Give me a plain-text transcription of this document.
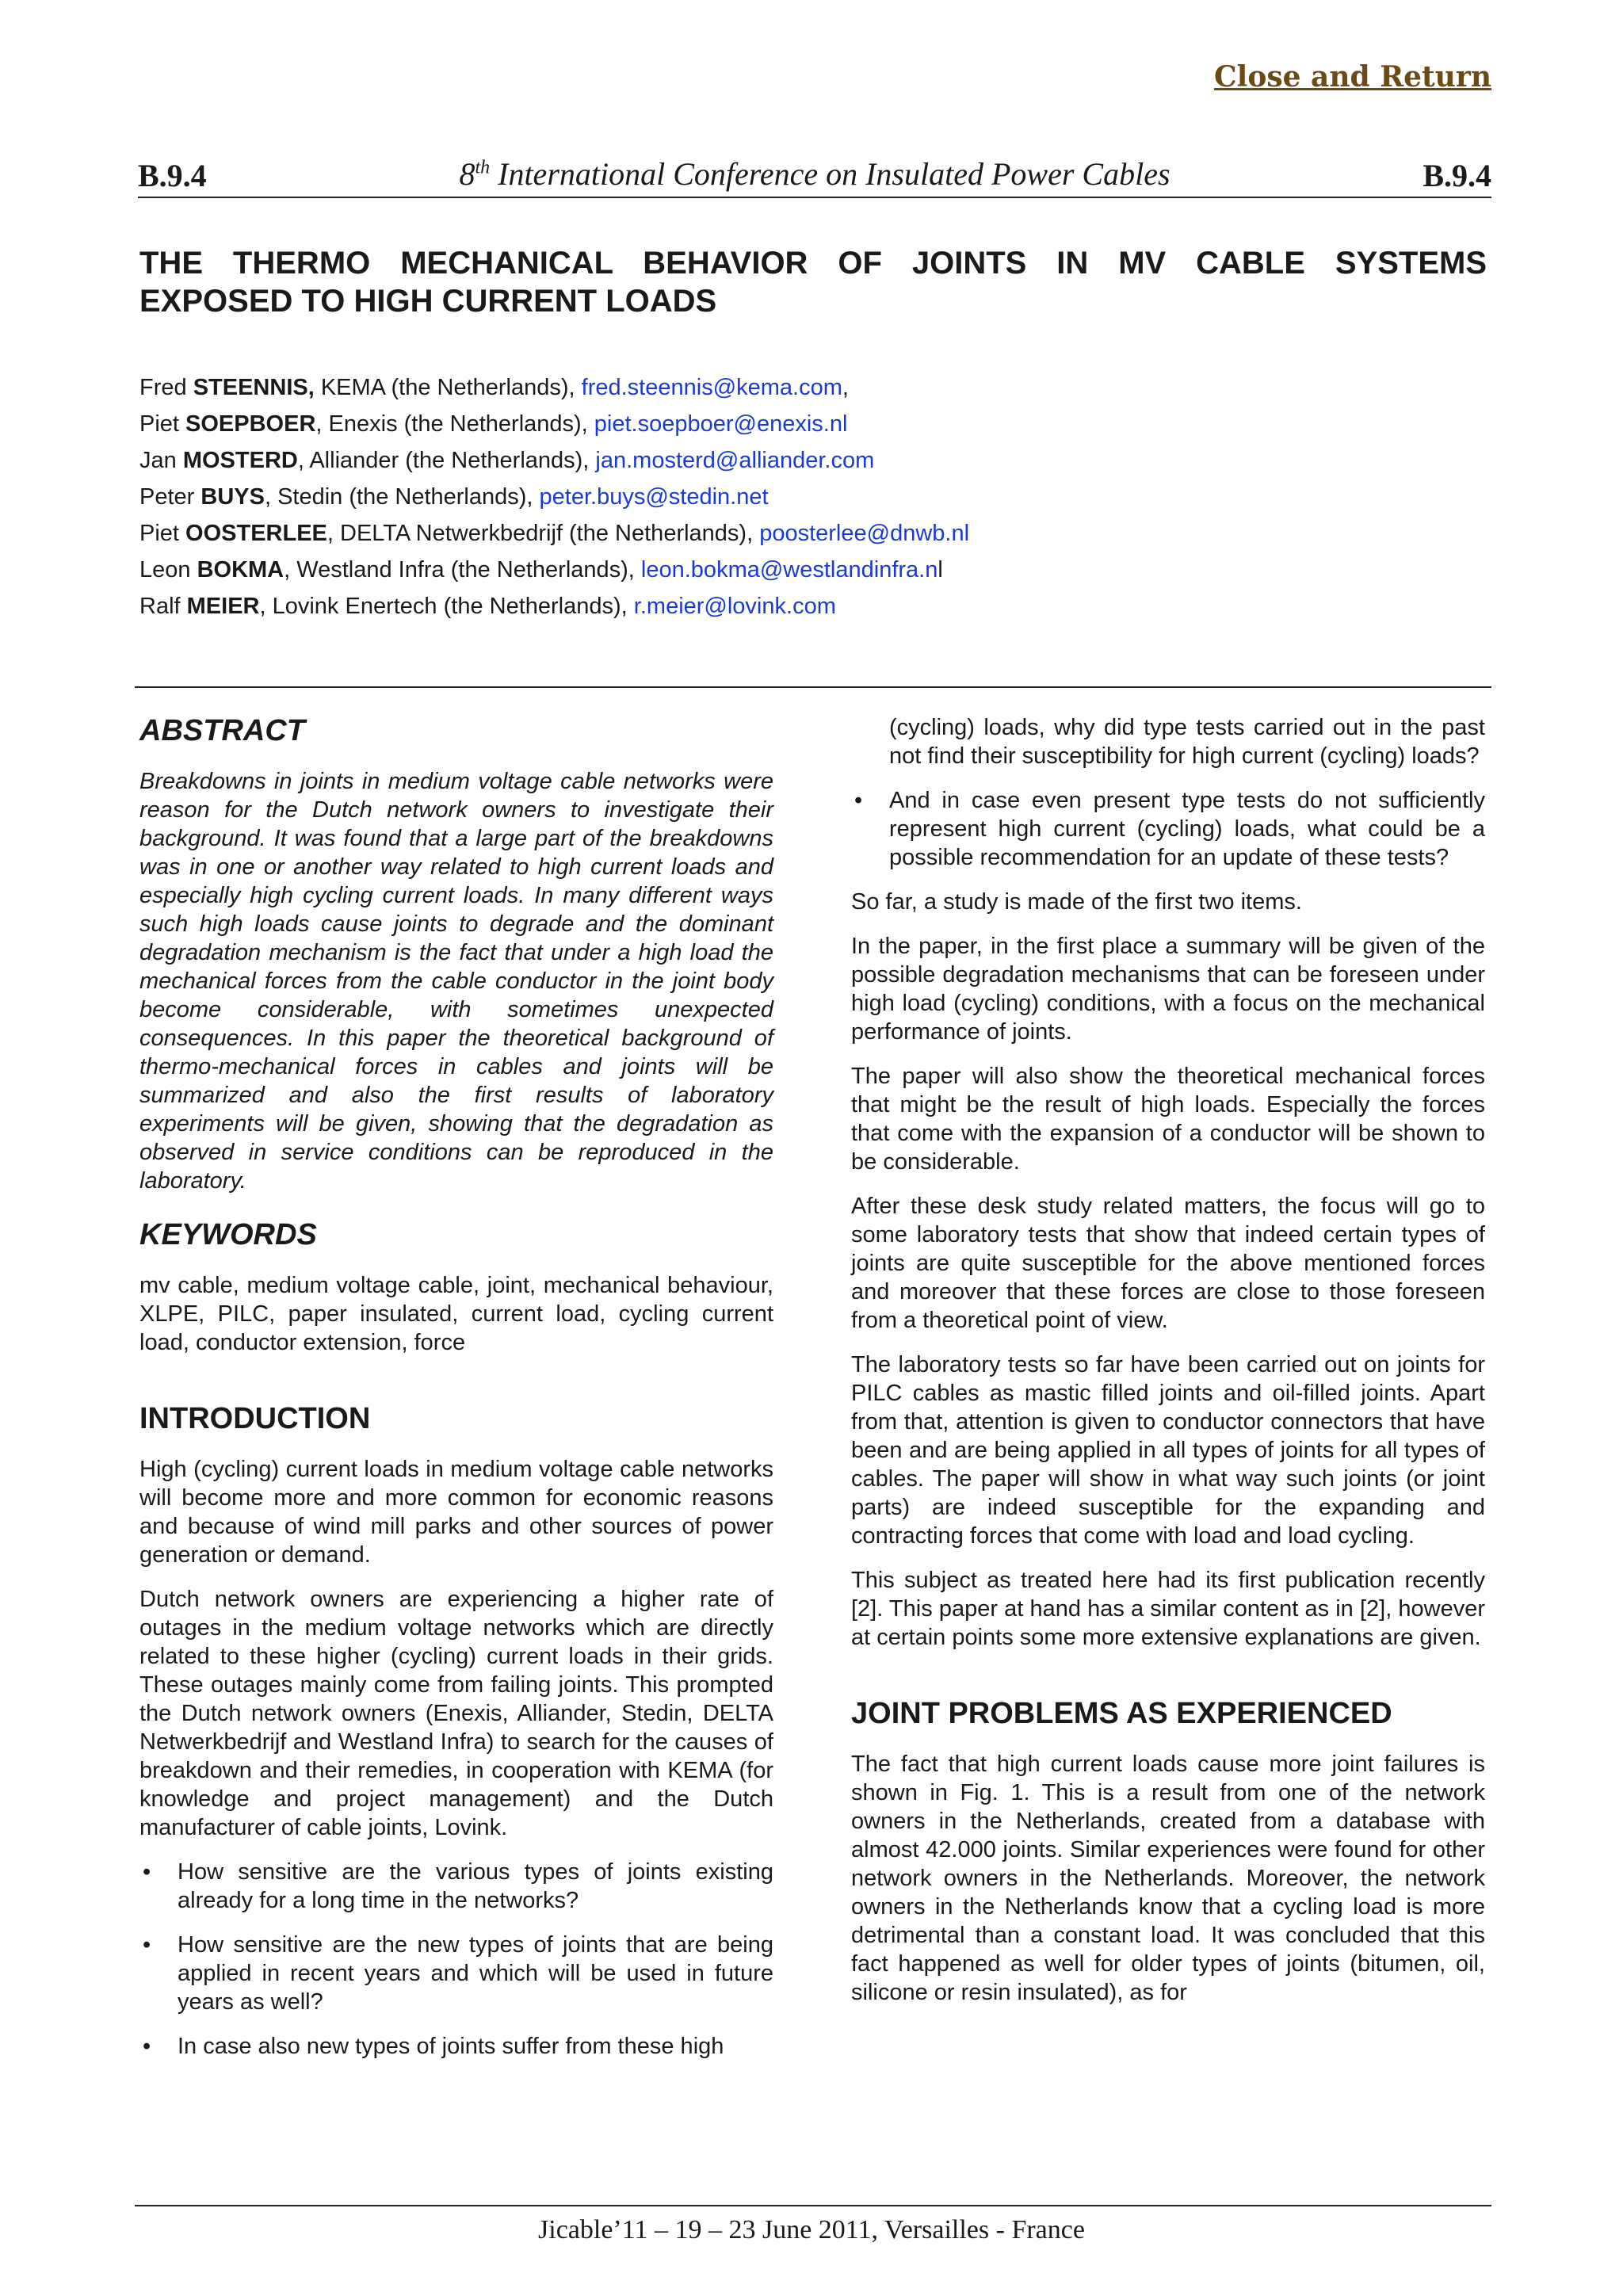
Close and Return
B.9.4	8th International Conference on Insulated Power Cables	B.9.4
THE THERMO MECHANICAL BEHAVIOR OF JOINTS IN MV CABLE SYSTEMS
EXPOSED TO HIGH CURRENT LOADS
Fred STEENNIS, KEMA (the Netherlands), fred.steennis@kema.com,
Piet SOEPBOER, Enexis (the Netherlands), piet.soepboer@enexis.nl
Jan MOSTERD, Alliander (the Netherlands), jan.mosterd@alliander.com
Peter BUYS, Stedin (the Netherlands), peter.buys@stedin.net
Piet OOSTERLEE, DELTA Netwerkbedrijf (the Netherlands), poosterlee@dnwb.nl
Leon BOKMA, Westland Infra (the Netherlands), leon.bokma@westlandinfra.nl
Ralf MEIER, Lovink Enertech (the Netherlands), r.meier@lovink.com
ABSTRACT

Breakdowns in joints in medium voltage cable networks were reason for the Dutch network owners to investigate their background. It was found that a large part of the breakdowns was in one or another way related to high current loads and especially high cycling current loads. In many different ways such high loads cause joints to degrade and the dominant degradation mechanism is the fact that under a high load the mechanical forces from the cable conductor in the joint body become considerable, with sometimes unexpected consequences. In this paper the theoretical background of thermo-mechanical forces in cables and joints will be summarized and also the first results of laboratory experiments will be given, showing that the degradation as observed in service conditions can be reproduced in the laboratory.

KEYWORDS

mv cable, medium voltage cable, joint, mechanical behaviour, XLPE, PILC, paper insulated, current load, cycling current load, conductor extension, force

INTRODUCTION

High (cycling) current loads in medium voltage cable networks will become more and more common for economic reasons and because of wind mill parks and other sources of power generation or demand.

Dutch network owners are experiencing a higher rate of outages in the medium voltage networks which are directly related to these higher (cycling) current loads in their grids. These outages mainly come from failing joints. This prompted the Dutch network owners (Enexis, Alliander, Stedin, DELTA Netwerkbedrijf and Westland Infra) to search for the causes of breakdown and their remedies, in cooperation with KEMA (for knowledge and project management) and the Dutch manufacturer of cable joints, Lovink.

• How sensitive are the various types of joints existing already for a long time in the networks?
• How sensitive are the new types of joints that are being applied in recent years and which will be used in future years as well?
• In case also new types of joints suffer from these high
(cycling) loads, why did type tests carried out in the past not find their susceptibility for high current (cycling) loads?
• And in case even present type tests do not sufficiently represent high current (cycling) loads, what could be a possible recommendation for an update of these tests?

So far, a study is made of the first two items.

In the paper, in the first place a summary will be given of the possible degradation mechanisms that can be foreseen under high load (cycling) conditions, with a focus on the mechanical performance of joints.

The paper will also show the theoretical mechanical forces that might be the result of high loads. Especially the forces that come with the expansion of a conductor will be shown to be considerable.

After these desk study related matters, the focus will go to some laboratory tests that show that indeed certain types of joints are quite susceptible for the above mentioned forces and moreover that these forces are close to those foreseen from a theoretical point of view.

The laboratory tests so far have been carried out on joints for PILC cables as mastic filled joints and oil-filled joints. Apart from that, attention is given to conductor connectors that have been and are being applied in all types of joints for all types of cables. The paper will show in what way such joints (or joint parts) are indeed susceptible for the expanding and contracting forces that come with load and load cycling.

This subject as treated here had its first publication recently [2]. This paper at hand has a similar content as in [2], however at certain points some more extensive explanations are given.

JOINT PROBLEMS AS EXPERIENCED

The fact that high current loads cause more joint failures is shown in Fig. 1. This is a result from one of the network owners in the Netherlands, created from a database with almost 42.000 joints. Similar experiences were found for other network owners in the Netherlands. Moreover, the network owners in the Netherlands know that a cycling load is more detrimental than a constant load. It was concluded that this fact happened as well for older types of joints (bitumen, oil, silicone or resin insulated), as for

Jicable’11 – 19 – 23 June 2011, Versailles - France
